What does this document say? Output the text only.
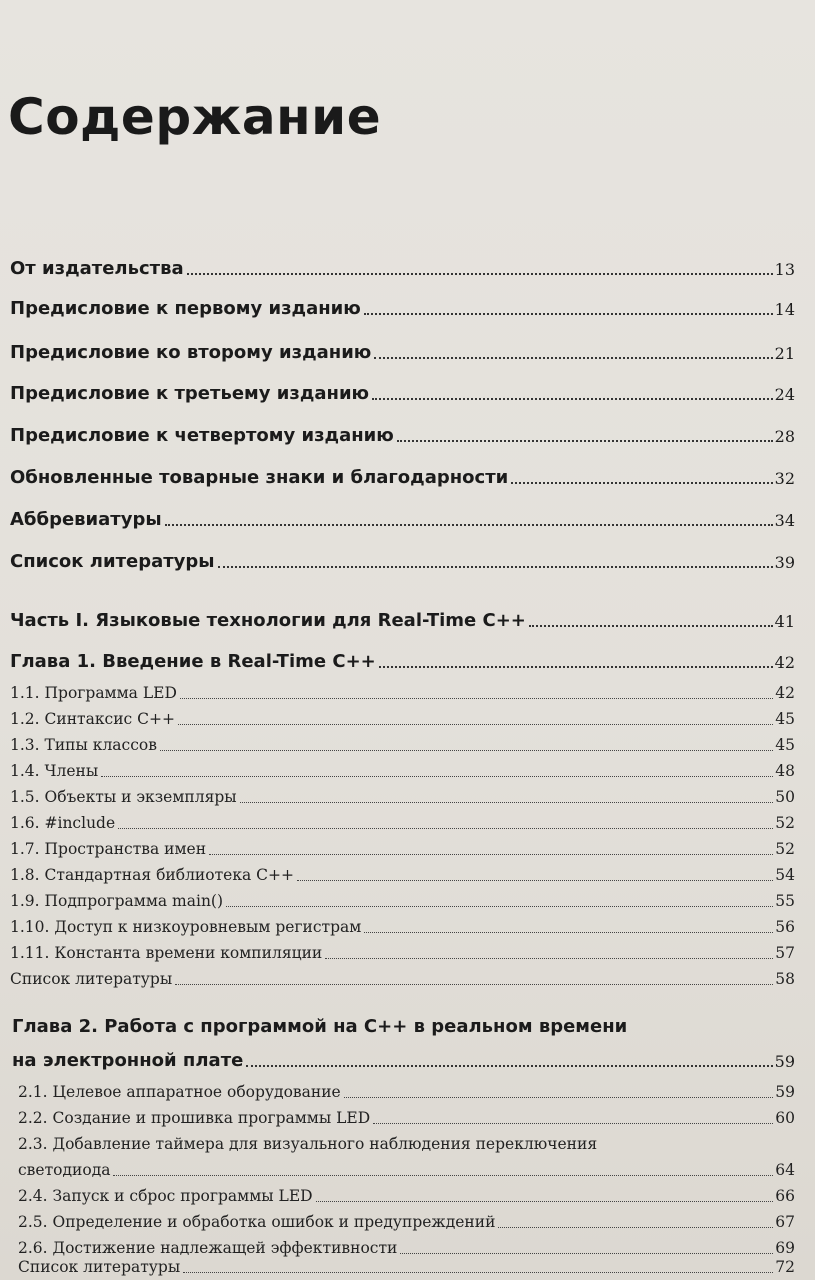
Содержание
От издательства	13
Предисловие к первому изданию	14
Предисловие ко второму изданию	21
Предисловие к третьему изданию	24
Предисловие к четвертому изданию	28
Обновленные товарные знаки и благодарности	32
Аббревиатуры	34
Список литературы	39
Часть I. Языковые технологии для Real-Time C++	41
Глава 1. Введение в Real-Time C++	42
1.1. Программа LED	42
1.2. Синтаксис C++	45
1.3. Типы классов	45
1.4. Члены	48
1.5. Объекты и экземпляры	50
1.6. #include	52
1.7. Пространства имен	52
1.8. Стандартная библиотека C++	54
1.9. Подпрограмма main()	55
1.10. Доступ к низкоуровневым регистрам	56
1.11. Константа времени компиляции	57
Список литературы	58
Глава 2. Работа с программой на C++ в реальном времени
на электронной плате	59
2.1. Целевое аппаратное оборудование	59
2.2. Создание и прошивка программы LED	60
2.3. Добавление таймера для визуального наблюдения переключения
светодиода	64
2.4. Запуск и сброс программы LED	66
2.5. Определение и обработка ошибок и предупреждений	67
2.6. Достижение надлежащей эффективности	69
Список литературы	72
